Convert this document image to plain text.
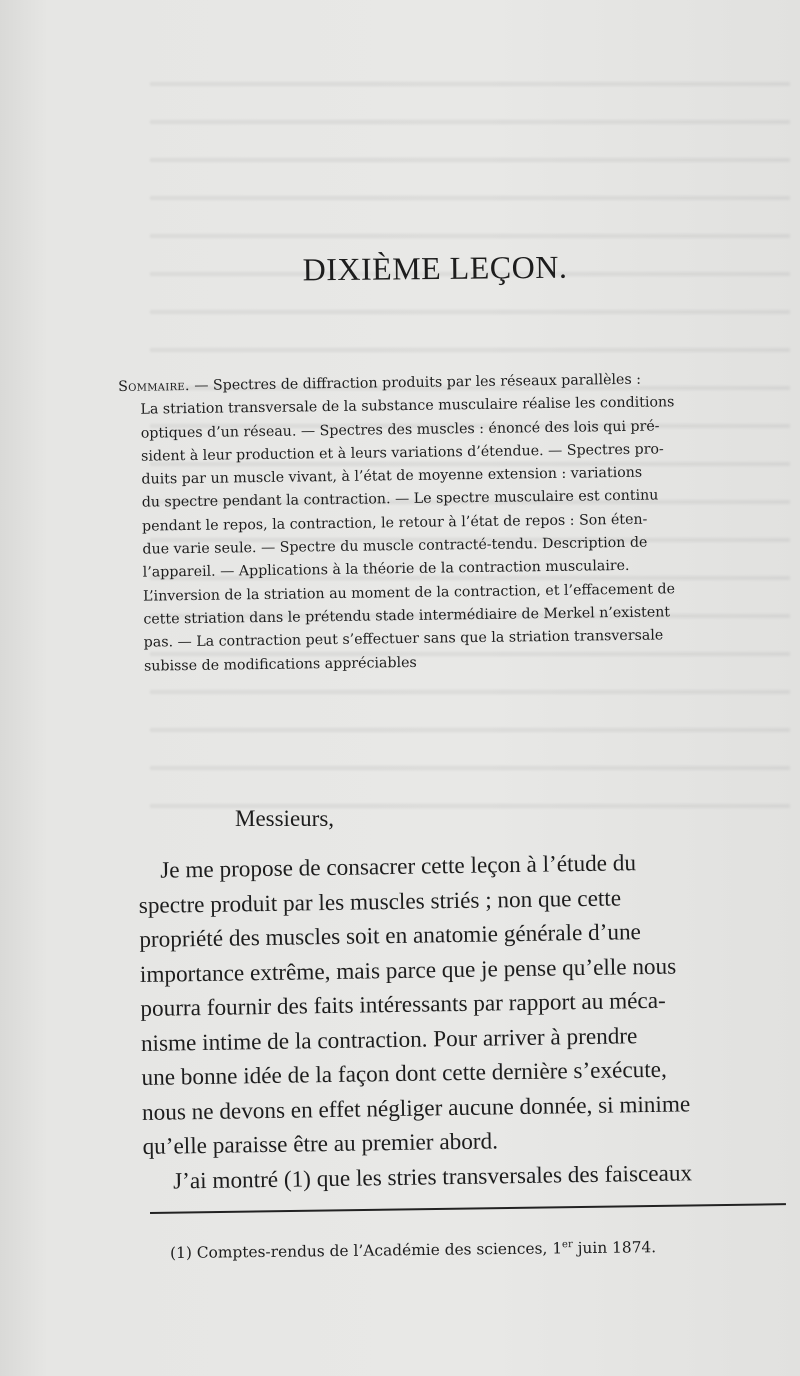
DIXIÈME LEÇON.
Sommaire. — Spectres de diffraction produits par les réseaux parallèles :
La striation transversale de la substance musculaire réalise les conditions
optiques d’un réseau. — Spectres des muscles : énoncé des lois qui pré-
sident à leur production et à leurs variations d’étendue. — Spectres pro-
duits par un muscle vivant, à l’état de moyenne extension : variations
du spectre pendant la contraction. — Le spectre musculaire est continu
pendant le repos, la contraction, le retour à l’état de repos : Son éten-
due varie seule. — Spectre du muscle contracté-tendu. Description de
l’appareil. — Applications à la théorie de la contraction musculaire.
L’inversion de la striation au moment de la contraction, et l’effacement de
cette striation dans le prétendu stade intermédiaire de Merkel n’existent
pas. — La contraction peut s’effectuer sans que la striation transversale
subisse de modifications appréciables
Messieurs,
Je me propose de consacrer cette leçon à l’étude du
spectre produit par les muscles striés ; non que cette
propriété des muscles soit en anatomie générale d’une
importance extrême, mais parce que je pense qu’elle nous
pourra fournir des faits intéressants par rapport au méca-
nisme intime de la contraction. Pour arriver à prendre
une bonne idée de la façon dont cette dernière s’exécute,
nous ne devons en effet négliger aucune donnée, si minime
qu’elle paraisse être au premier abord.
J’ai montré (1) que les stries transversales des faisceaux
(1) Comptes-rendus de l’Académie des sciences, 1er juin 1874.
